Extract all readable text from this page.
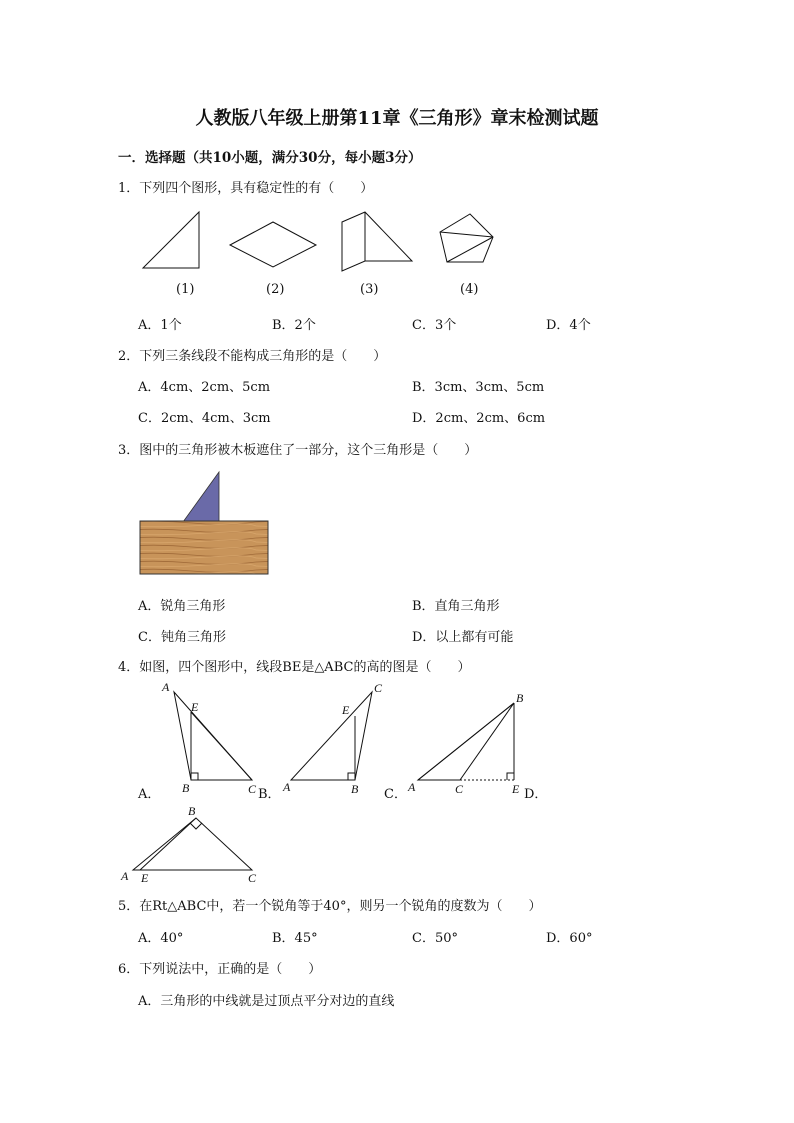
人教版八年级上册第11章《三角形》章末检测试题
一．选择题（共10小题，满分30分，每小题3分）
1．下列四个图形，具有稳定性的有（　　）
(1)	(2)	(3)	(4)
A．1个	B．2个	C．3个	D．4个
2．下列三条线段不能构成三角形的是（　　）
A．4cm、2cm、5cm	B．3cm、3cm、5cm
C．2cm、4cm、3cm	D．2cm、2cm、6cm
3．图中的三角形被木板遮住了一部分，这个三角形是（　　）
A．锐角三角形	B．直角三角形
C．钝角三角形	D．以上都有可能
4．如图，四个图形中，线段BE是△ABC的高的图是（　　）
A
E
B	C
C
E
A	B
B
A	C	E
B
A E	C
A．	B．	C．	D．
5．在Rt△ABC中，若一个锐角等于40°，则另一个锐角的度数为（　　）
A．40°	B．45°	C．50°	D．60°
6．下列说法中，正确的是（　　）
A．三角形的中线就是过顶点平分对边的直线
